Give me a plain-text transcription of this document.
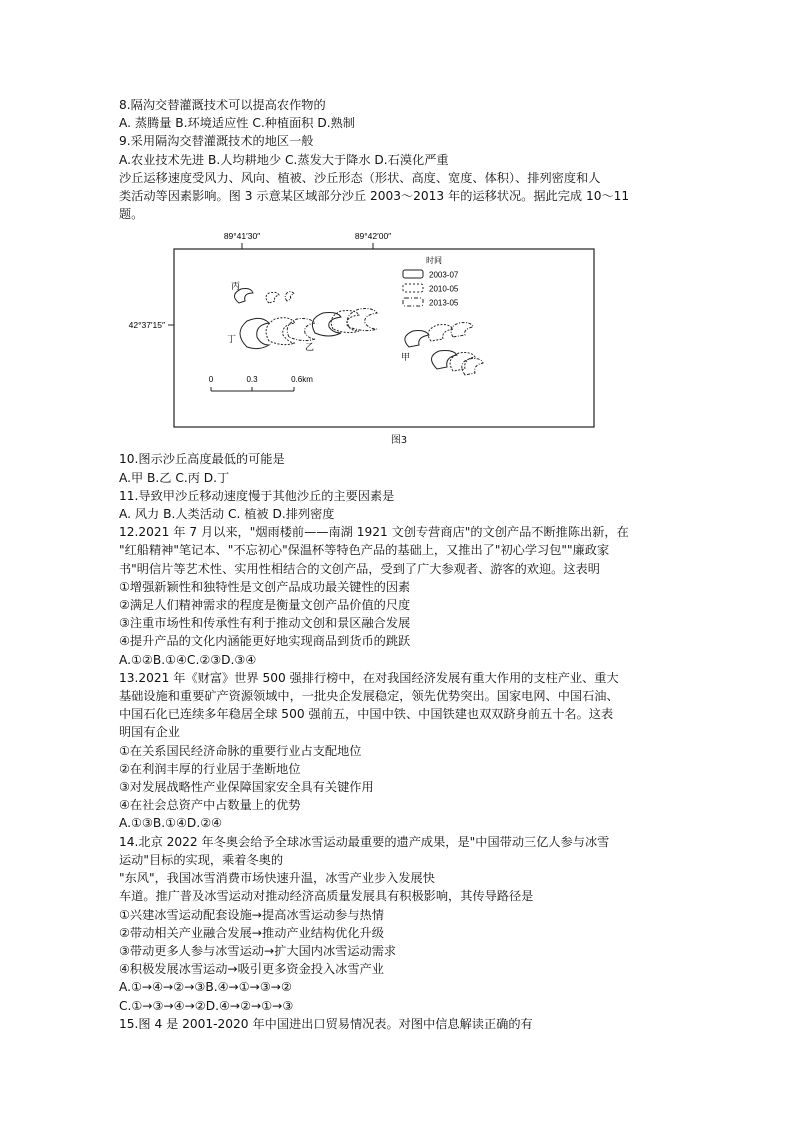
8.隔沟交替灌溉技术可以提高农作物的

A. 蒸腾量 B.环境适应性 C.种植面积 D.熟制

9.采用隔沟交替灌溉技术的地区一般

A.农业技术先进 B.人均耕地少 C.蒸发大于降水 D.石漠化严重

沙丘运移速度受风力、风向、植被、沙丘形态（形状、高度、宽度、体积）、排列密度和人

类活动等因素影响。图 3 示意某区域部分沙丘 2003～2013 年的运移状况。据此完成 10～11

题。

89°41′30″	89°42′00″
42°37′15″
时间
2003-07
2010-05
2013-05
丙
丁
乙
甲
0	0.3	0.6km

图3

10.图示沙丘高度最低的可能是

A.甲 B.乙 C.丙 D.丁

11.导致甲沙丘移动速度慢于其他沙丘的主要因素是

A. 风力 B.人类活动 C. 植被 D.排列密度

12.2021 年 7 月以来，"烟雨楼前——南湖 1921 文创专营商店"的文创产品不断推陈出新，在

"红船精神"笔记本、"不忘初心"保温杯等特色产品的基础上，又推出了"初心学习包""廉政家

书"明信片等艺术性、实用性相结合的文创产品，受到了广大参观者、游客的欢迎。这表明

①增强新颖性和独特性是文创产品成功最关键性的因素

②满足人们精神需求的程度是衡量文创产品价值的尺度

③注重市场性和传承性有利于推动文创和景区融合发展

④提升产品的文化内涵能更好地实现商品到货币的跳跃

A.①②B.①④C.②③D.③④

13.2021 年《财富》世界 500 强排行榜中，在对我国经济发展有重大作用的支柱产业、重大

基础设施和重要矿产资源领域中，一批央企发展稳定，领先优势突出。国家电网、中国石油、

中国石化已连续多年稳居全球 500 强前五，中国中铁、中国铁建也双双跻身前五十名。这表

明国有企业

①在关系国民经济命脉的重要行业占支配地位

②在利润丰厚的行业居于垄断地位

③对发展战略性产业保障国家安全具有关键作用

④在社会总资产中占数量上的优势

A.①③B.①④D.②④

14.北京 2022 年冬奥会给予全球冰雪运动最重要的遗产成果，是"中国带动三亿人参与冰雪

运动"目标的实现，乘着冬奥的

"东风"，我国冰雪消费市场快速升温，冰雪产业步入发展快

车道。推广普及冰雪运动对推动经济高质量发展具有积极影响，其传导路径是

①兴建冰雪运动配套设施→提高冰雪运动参与热情

②带动相关产业融合发展→推动产业结构优化升级

③带动更多人参与冰雪运动→扩大国内冰雪运动需求

④积极发展冰雪运动→吸引更多资金投入冰雪产业

A.①→④→②→③B.④→①→③→②

C.①→③→④→②D.④→②→①→③

15.图 4 是 2001-2020 年中国进出口贸易情况表。对图中信息解读正确的有
